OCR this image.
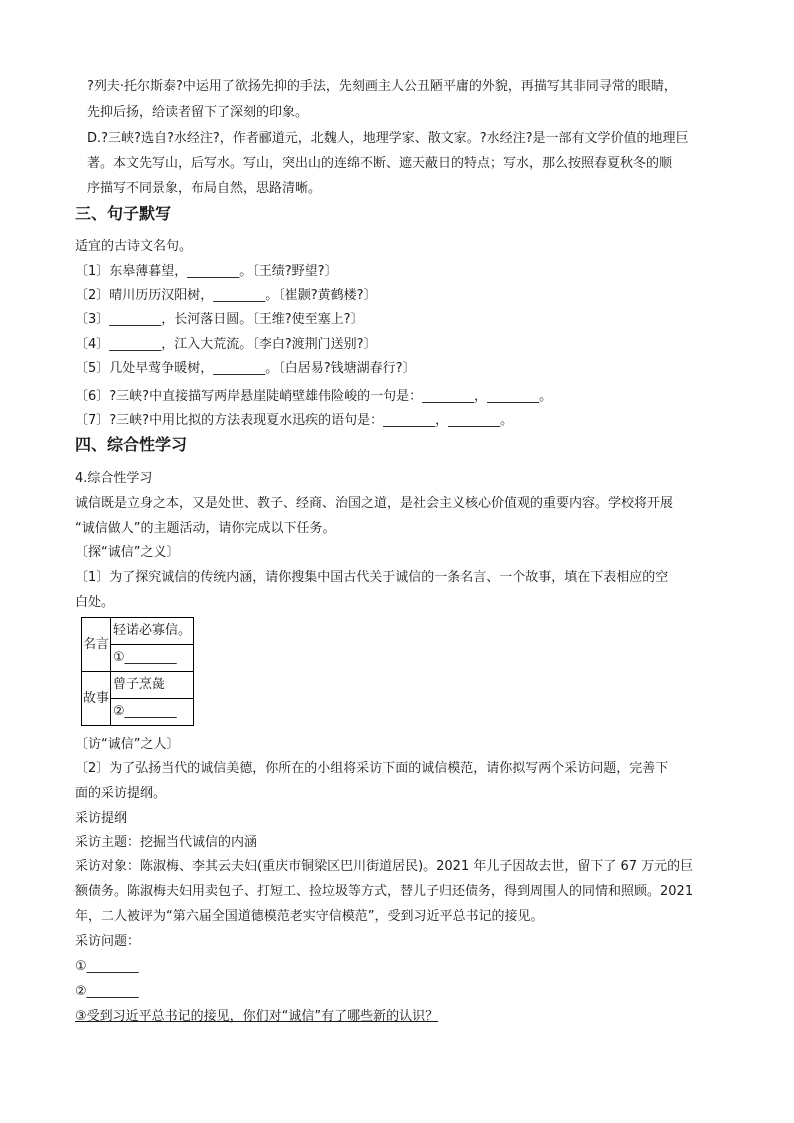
?列夫·托尔斯泰?中运用了欲扬先抑的手法，先刻画主人公丑陋平庸的外貌，再描写其非同寻常的眼睛，
先抑后扬，给读者留下了深刻的印象。
D.?三峡?选自?水经注?，作者郦道元，北魏人，地理学家、散文家。?水经注?是一部有文学价值的地理巨
著。本文先写山，后写水。写山，突出山的连绵不断、遮天蔽日的特点；写水，那么按照春夏秋冬的顺
序描写不同景象，布局自然，思路清晰。
三、句子默写
适宜的古诗文名句。
〔1〕东皋薄暮望，________。〔王绩?野望?〕
〔2〕晴川历历汉阳树，________。〔崔颢?黄鹤楼?〕
〔3〕________，长河落日圆。〔王维?使至塞上?〕
〔4〕________，江入大荒流。〔李白?渡荆门送别?〕
〔5〕几处早莺争暖树，________。〔白居易?钱塘湖春行?〕
〔6〕?三峡?中直接描写两岸悬崖陡峭壁雄伟险峻的一句是：________，________。
〔7〕?三峡?中用比拟的方法表现夏水迅疾的语句是：________，________。
四、综合性学习
4.综合性学习
诚信既是立身之本，又是处世、教子、经商、治国之道，是社会主义核心价值观的重要内容。学校将开展
“诚信做人”的主题活动，请你完成以下任务。
〔探“诚信”之义〕
〔1〕为了探究诚信的传统内涵，请你搜集中国古代关于诚信的一条名言、一个故事，填在下表相应的空
白处。
名言	轻诺必寡信。
	①________
故事	曾子烹彘
	②________
〔访“诚信”之人〕
〔2〕为了弘扬当代的诚信美德，你所在的小组将采访下面的诚信模范，请你拟写两个采访问题，完善下
面的采访提纲。
采访提纲
采访主题：挖掘当代诚信的内涵
采访对象：陈淑梅、李其云夫妇(重庆市铜梁区巴川街道居民)。2021 年儿子因故去世，留下了 67 万元的巨
额债务。陈淑梅夫妇用卖包子、打短工、捡垃圾等方式，替儿子归还债务，得到周围人的同情和照顾。2021
年，二人被评为“第六届全国道德模范老实守信模范”，受到习近平总书记的接见。
采访问题：
①________
②________
③受到习近平总书记的接见，你们对“诚信”有了哪些新的认识？
